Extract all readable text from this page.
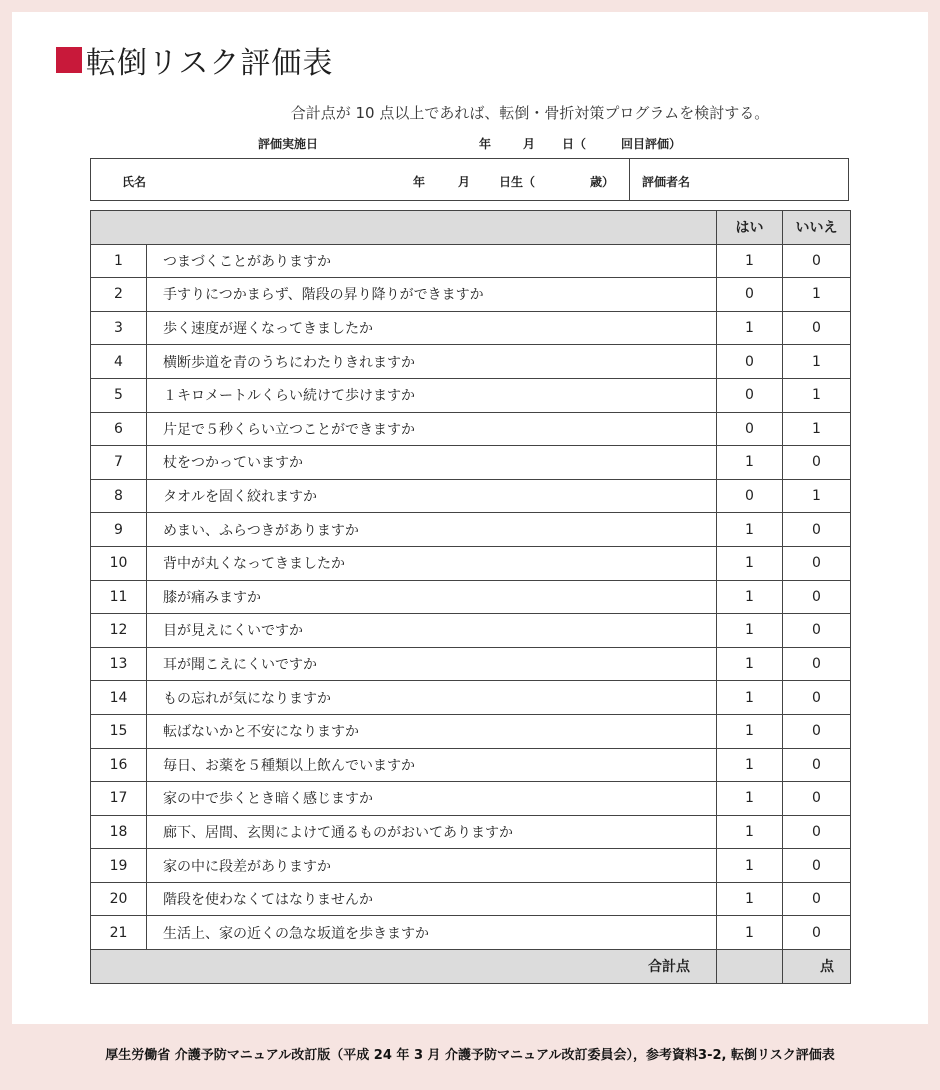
転倒リスク評価表
合計点が 10 点以上であれば、転倒・骨折対策プログラムを検討する。
評価実施日	年	月 日（	回目評価）
氏名	年	月 日生（	歳） 評価者名
		はい	いいえ
1	つまづくことがありますか	1	0
2	手すりにつかまらず、階段の昇り降りができますか	0	1
3	歩く速度が遅くなってきましたか	1	0
4	横断歩道を青のうちにわたりきれますか	0	1
5	１キロメートルくらい続けて歩けますか	0	1
6	片足で５秒くらい立つことができますか	0	1
7	杖をつかっていますか	1	0
8	タオルを固く絞れますか	0	1
9	めまい、ふらつきがありますか	1	0
10	背中が丸くなってきましたか	1	0
11	膝が痛みますか	1	0
12	目が見えにくいですか	1	0
13	耳が聞こえにくいですか	1	0
14	もの忘れが気になりますか	1	0
15	転ばないかと不安になりますか	1	0
16	毎日、お薬を５種類以上飲んでいますか	1	0
17	家の中で歩くとき暗く感じますか	1	0
18	廊下、居間、玄関によけて通るものがおいてありますか	1	0
19	家の中に段差がありますか	1	0
20	階段を使わなくてはなりませんか	1	0
21	生活上、家の近くの急な坂道を歩きますか	1	0
合計点			点
厚生労働省 介護予防マニュアル改訂版（平成 24 年 3 月 介護予防マニュアル改訂委員会），参考資料3-2, 転倒リスク評価表
